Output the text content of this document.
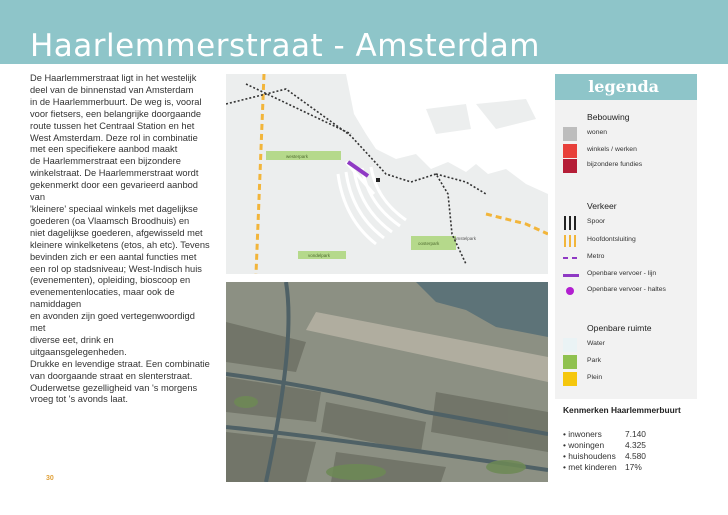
Haarlemmerstraat - Amsterdam
De Haarlemmerstraat ligt in het westelijk
deel van de binnenstad van Amsterdam
in de Haarlemmerbuurt. De weg is, vooral
voor fietsers, een belangrijke doorgaande
route tussen het Centraal Station en het
West Amsterdam. Deze rol in combinatie
met een specifiekere aanbod maakt
de Haarlemmerstraat een bijzondere
winkelstraat. De Haarlemmerstraat wordt
gekenmerkt door een gevarieerd aanbod van
'kleinere' speciaal winkels met dagelijkse
goederen (oa Vlaamsch Broodhuis) en
niet dagelijkse goederen, afgewisseld met
kleinere winkelketens (etos, ah etc). Tevens
bevinden zich er een aantal functies met
een rol op stadsniveau; West-Indisch huis
(evenementen), opleiding, bioscoop en
evenementenlocaties, maar ook de namiddagen
en avonden zijn goed vertegenwoordigd met
diverse eet, drink en uitgaansgelegenheden.
Drukke en levendige straat. Een combinatie
van doorgaande straat en slenterstraat.
Ouderwetse gezelligheid van 's morgens
vroeg tot 's avonds laat.
westerpark
oosterpark
vondelpark
amstelpark
legenda
Bebouwing
wonen
winkels / werken
bijzondere fundies
Verkeer
Spoor
Hoofdontsluiting
Metro
Openbare vervoer - lijn
Openbare vervoer - haltes
Openbare ruimte
Water
Park
Plein
Kenmerken Haarlemmerbuurt
• inwoners	7.140
• woningen 4.325
• huishoudens 4.580
• met kinderen 17%
30
